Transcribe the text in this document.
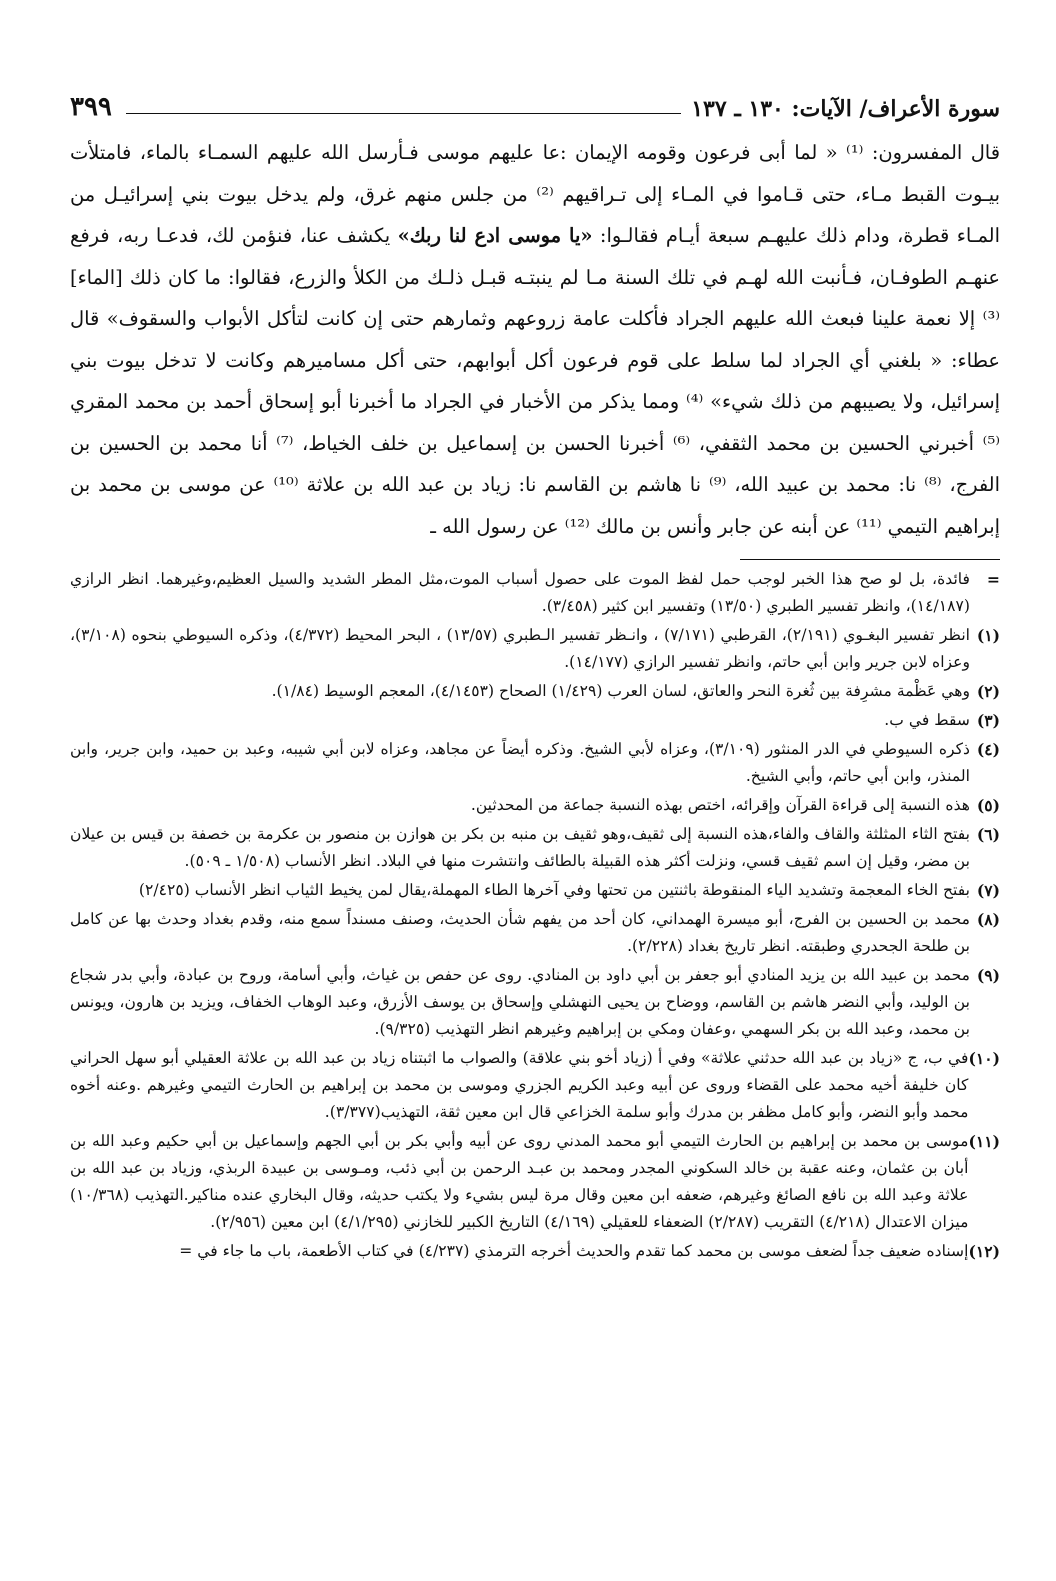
سورة الأعراف/ الآيات: ١٣٠ ـ ١٣٧
٣٩٩

قال المفسرون: ⁽¹⁾ « لما أبى فرعون وقومه الإيمان :عا عليهم موسى فـأرسل الله عليهم السمـاء بالماء، فامتلأت بيـوت القبط مـاء، حتى قـاموا في المـاء إلى تـراقيهم ⁽²⁾ من جلس منهم غرق، ولم يدخل بيوت بني إسرائيـل من المـاء قطرة، ودام ذلك عليهـم سبعة أيـام فقالـوا: «يا موسى ادع لنا ربك» يكشف عنا، فنؤمن لك، فدعـا ربه، فرفع عنهـم الطوفـان، فـأنبت الله لهـم في تلك السنة مـا لم ينبتـه قبـل ذلـك من الكلأ والزرع، فقالوا: ما كان ذلك [الماء] ⁽³⁾ إلا نعمة علينا فبعث الله عليهم الجراد فأكلت عامة زروعهم وثمارهم حتى إن كانت لتأكل الأبواب والسقوف» قال عطاء: « بلغني أي الجراد لما سلط على قوم فرعون أكل أبوابهم، حتى أكل مساميرهم وكانت لا تدخل بيوت بني إسرائيل، ولا يصيبهم من ذلك شيء» ⁽⁴⁾ ومما يذكر من الأخبار في الجراد ما أخبرنا أبو إسحاق أحمد بن محمد المقري ⁽⁵⁾ أخبرني الحسين بن محمد الثقفي، ⁽⁶⁾ أخبرنا الحسن بن إسماعيل بن خلف الخياط، ⁽⁷⁾ أنا محمد بن الحسين بن الفرج، ⁽⁸⁾ نا: محمد بن عبيد الله، ⁽⁹⁾ نا هاشم بن القاسم نا: زياد بن عبد الله بن علاثة ⁽¹⁰⁾ عن موسى بن محمد بن إبراهيم التيمي ⁽¹¹⁾ عن أبنه عن جابر وأنس بن مالك ⁽¹²⁾ عن رسول الله ـ

=
فائدة، بل لو صح هذا الخبر لوجب حمل لفظ الموت على حصول أسباب الموت،مثل المطر الشديد والسيل العظيم،وغيرهما. انظر الرازي (١٤/١٨٧)، وانظر تفسير الطبري (١٣/٥٠) وتفسير ابن كثير (٣/٤٥٨).
(١)
انظر تفسير البغـوي (٢/١٩١)، القرطبي (٧/١٧١) ، وانـظر تفسير الـطبري (١٣/٥٧) ، البحر المحيط (٤/٣٧٢)، وذكره السيوطي بنحوه (٣/١٠٨)، وعزاه لابن جرير وابن أبي حاتم، وانظر تفسير الرازي (١٤/١٧٧).
(٢)
وهي عَظْمة مشرِفة بين ثُغرة النحر والعاتق، لسان العرب (١/٤٢٩) الصحاح (٤/١٤٥٣)، المعجم الوسيط (١/٨٤).
(٣)
سقط في ب.
(٤)
ذكره السيوطي في الدر المنثور (٣/١٠٩)، وعزاه لأبي الشيخ. وذكره أيضاً عن مجاهد، وعزاه لابن أبي شيبه، وعبد بن حميد، وابن جرير، وابن المنذر، وابن أبي حاتم، وأبي الشيخ.
(٥)
هذه النسبة إلى قراءة القرآن وإقرائه، اختص بهذه النسبة جماعة من المحدثين.
(٦)
بفتح الثاء المثلثة والقاف والفاء،هذه النسبة إلى ثقيف،وهو ثقيف بن منبه بن بكر بن هوازن بن منصور بن عكرمة بن خصفة بن قيس بن عيلان بن مضر، وقيل إن اسم ثقيف قسي، ونزلت أكثر هذه القبيلة بالطائف وانتشرت منها في البلاد. انظر الأنساب (١/٥٠٨ ـ ٥٠٩).
(٧)
بفتح الخاء المعجمة وتشديد الياء المنقوطة باثنتين من تحتها وفي آخرها الطاء المهملة،يقال لمن يخيط الثياب انظر الأنساب (٢/٤٢٥)
(٨)
محمد بن الحسين بن الفرج، أبو ميسرة الهمداني، كان أحد من يفهم شأن الحديث، وصنف مسنداً سمع منه، وقدم بغداد وحدث بها عن كامل بن طلحة الجحدري وطبقته. انظر تاريخ بغداد (٢/٢٢٨).
(٩)
محمد بن عبيد الله بن يزيد المنادي أبو جعفر بن أبي داود بن المنادي. روى عن حفص بن غياث، وأبي أسامة، وروح بن عبادة، وأبي بدر شجاع بن الوليد، وأبي النضر هاشم بن القاسم، ووضاح بن يحيى النهشلي وإسحاق بن يوسف الأزرق، وعبد الوهاب الخفاف، ويزيد بن هارون، ويونس بن محمد، وعبد الله بن بكر السهمي ،وعفان ومكي بن إبراهيم وغيرهم انظر التهذيب (٩/٣٢٥).
(١٠)
في ب، ج «زياد بن عبد الله حدثني علاثة» وفي أ (زياد أخو بني علاقة) والصواب ما اثبتناه زياد بن عبد الله بن علاثة العقيلي أبو سهل الحراني كان خليفة أخيه محمد على القضاء وروى عن أبيه وعبد الكريم الجزري وموسى بن محمد بن إبراهيم بن الحارث التيمي وغيرهم .وعنه أخوه محمد وأبو النضر، وأبو كامل مظفر بن مدرك وأبو سلمة الخزاعي قال ابن معين ثقة، التهذيب(٣/٣٧٧).
(١١)
موسى بن محمد بن إبراهيم بن الحارث التيمي أبو محمد المدني روى عن أبيه وأبي بكر بن أبي الجهم وإسماعيل بن أبي حكيم وعبد الله بن أبان بن عثمان، وعنه عقبة بن خالد السكوني المجدر ومحمد بن عبـد الرحمن بن أبي ذئب، ومـوسى بن عبيدة الربذي، وزياد بن عبد الله بن علاثة وعبد الله بن نافع الصائغ وغيرهم، ضعفه ابن معين وقال مرة ليس بشيء ولا يكتب حديثه، وقال البخاري عنده مناكير.التهذيب (١٠/٣٦٨) ميزان الاعتدال (٤/٢١٨) التقريب (٢/٢٨٧) الضعفاء للعقيلي (٤/١٦٩) التاريخ الكبير للخازني (٤/١/٢٩٥) ابن معين (٢/٩٥٦).
(١٢)
إسناده ضعيف جداً لضعف موسى بن محمد كما تقدم والحديث أخرجه الترمذي (٤/٢٣٧) في كتاب الأطعمة، باب ما جاء في =
